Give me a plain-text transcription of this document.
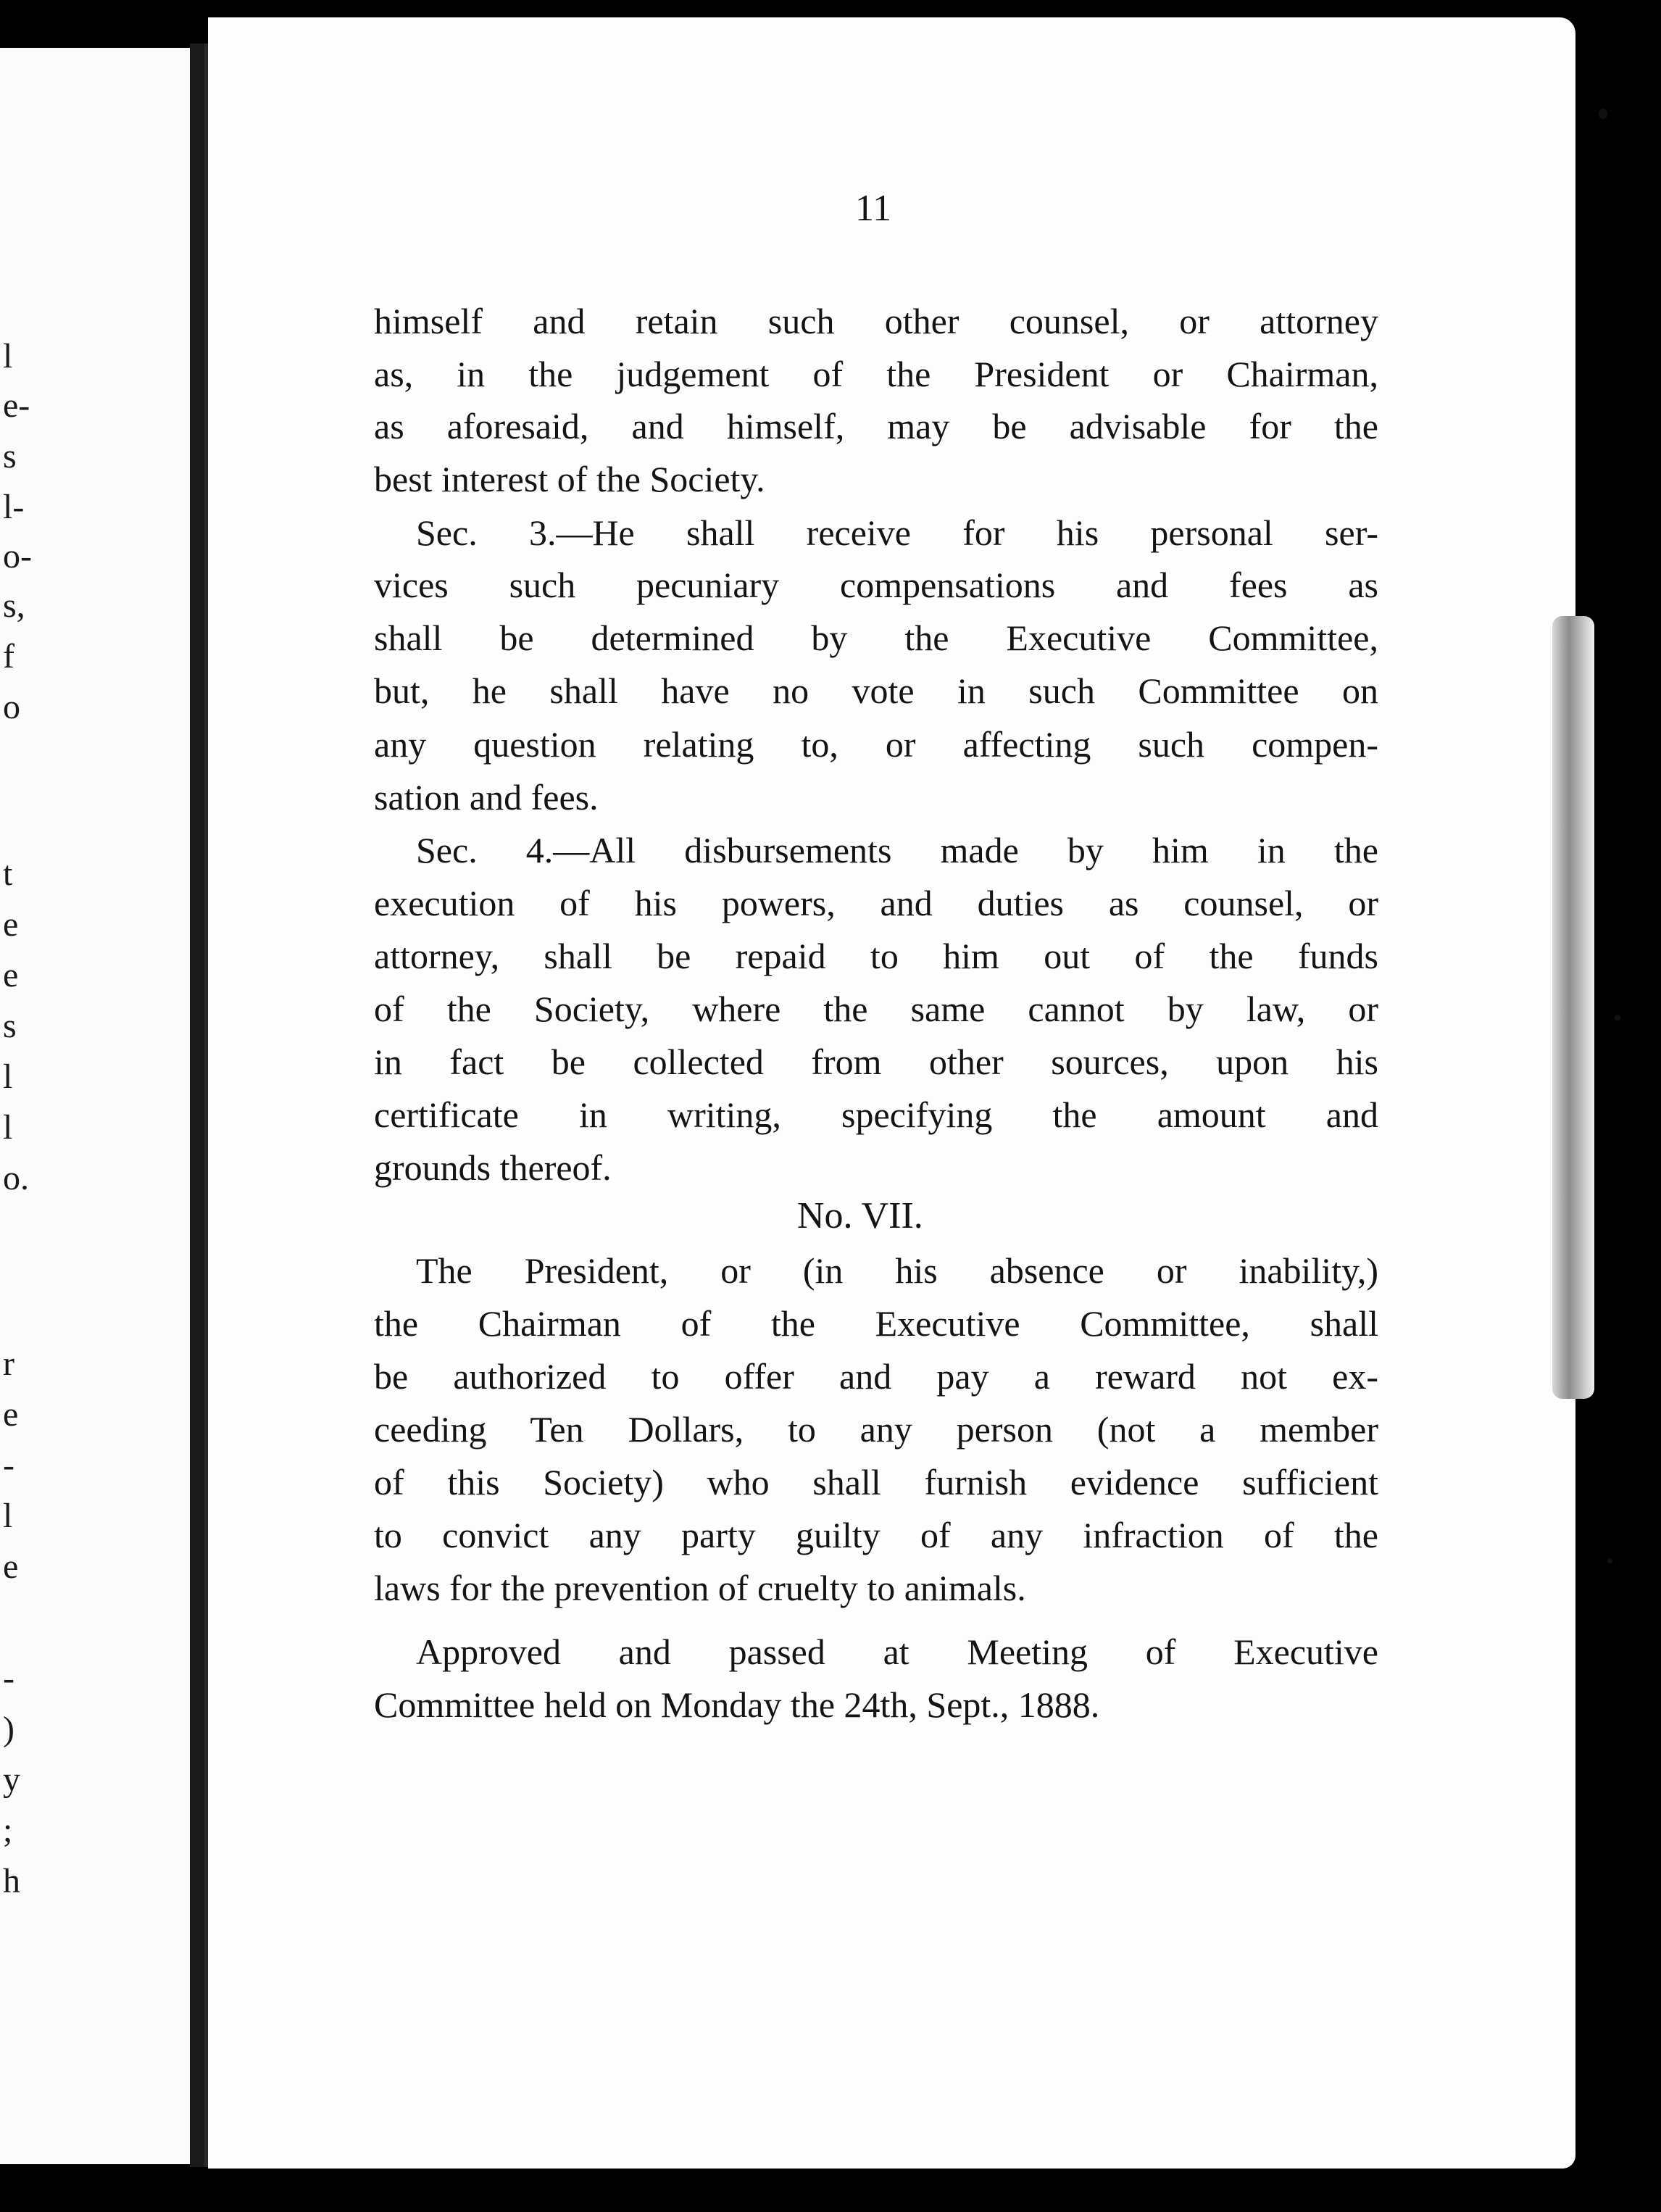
l
e-
s
l-
o-
s,
f
o
t
e
e
s
l
l
o.
r
e
-
l
e
-
)
y
;
h
11
himself and retain such other counsel, or attorney
as, in the judgement of the President or Chairman,
as aforesaid, and himself, may be advisable for the
best interest of the Society.
Sec. 3.—He shall receive for his personal ser-
vices such pecuniary compensations and fees as
shall be determined by the Executive Committee,
but, he shall have no vote in such Committee on
any question relating to, or affecting such compen-
sation and fees.
Sec. 4.—All disbursements made by him in the
execution of his powers, and duties as counsel, or
attorney, shall be repaid to him out of the funds
of the Society, where the same cannot by law, or
in fact be collected from other sources, upon his
certificate in writing, specifying the amount and
grounds thereof.
No. VII.
The President, or (in his absence or inability,)
the Chairman of the Executive Committee, shall
be authorized to offer and pay a reward not ex-
ceeding Ten Dollars, to any person (not a member
of this Society) who shall furnish evidence sufficient
to convict any party guilty of any infraction of the
laws for the prevention of cruelty to animals.
Approved and passed at Meeting of Executive
Committee held on Monday the 24th, Sept., 1888.
